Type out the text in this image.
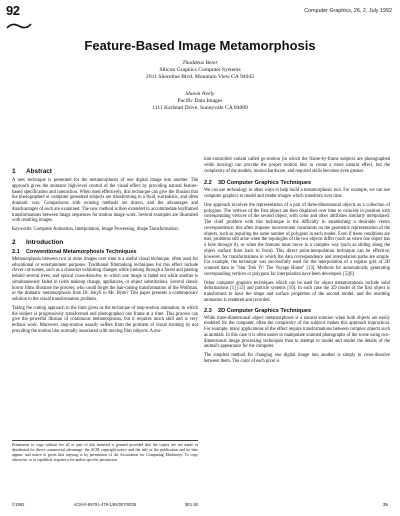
92	Computer Graphics, 26, 2, July 1992
Feature-Based Image Metamorphosis
Thaddeus Beier
Silicon Graphics Computer Systems
2011 Shoreline Blvd, Mountain View CA 94043
Shawn Neely
Pacific Data Images
1111 Karlstad Drive, Sunnyvale CA 94089
1 Abstract

A new technique is presented for the metamorphosis of one digital image into another. The approach gives the animator high-level control of the visual effect by providing natural feature-based specification and interaction. When used effectively, this technique can give the illusion that the photographed or computer generated subjects are transforming in a fluid, surrealistic, and often dramatic way. Comparisons with existing methods are drawn, and the advantages and disadvantages of each are examined. The new method is then extended to accommodate keyframed transformations between image sequences for motion image work. Several examples are illustrated with resulting images.

Keywords: Computer Animation, Interpolation, Image Processing, Shape Transformation.

2 Introduction
2.1 Conventional Metamorphosis Techniques

Metamorphosis between two or more images over time is a useful visual technique, often used for educational or entertainment purposes. Traditional filmmaking techniques for this effect include clever cut-scenes, such as a character exhibiting changes while running through a forest and passing behind several trees, and optical cross-dissolve, in which one image is faded out while another is simultaneously faded in (with makeup change, appliances, or object substitution). Several classic horror films illustrate the process; who could forget the hair-raising transformation of the Wolfman, or the dramatic metamorphosis from Dr. Jekyll to Mr. Hyde? This paper presents a contemporary solution to the visual transformation problem.

Taking the cutting approach to the limit gives us the technique of stop-motion animation, in which the subject is progressively transformed and photographed one frame at a time. This process can give the powerful illusion of continuous metamorphosis, but it requires much skill and is very tedious work. Moreover, stop-motion usually suffers from the problem of visual strobing by not providing the motion blur normally associated with moving film subjects. A mo-

tion-controlled variant called go-motion (in which the frame-by-frame subjects are photographed while moving) can provide the proper motion blur to create a more natural effect, but the complexity of the models, motion hardware, and required skills becomes even greater.

2.2 3D Computer Graphics Techniques

We can use technology in other ways to help build a metamorphosis tool. For example, we can use computer graphics to model and render images which transform over time.

One approach involves the representation of a pair of three-dimensional objects as a collection of polygons. The vertices of the first object are then displaced over time to coincide in position with corresponding vertices of the second object, with color and other attributes similarly interpolated. The chief problem with this technique is the difficulty in establishing a desirable vertex correspondence; this often imposes inconvenient constraints on the geometric representation of the objects, such as requiring the same number of polygons in each model. Even if these conditions are met, problems still arise when the topologies of the two objects differ (such as when one object has a hole through it), or when the features must move in a complex way (such as sliding along the object surface from back to front). This direct point-interpolation technique can be effective, however, for transformations in which the data correspondence and interpolation paths are simple. For example, the technique was successfully used for the interpolation of a regular grid of 3D scanned data in "Star Trek IV: The Voyage Home" [13]. Methods for automatically generating corresponding vertices or polygons for interpolation have been developed. [5][6]

Other computer graphics techniques which can be used for object metamorphosis include solid deformations [1] [12] and particle systems [10]. In each case the 3D model of the first object is transformed to have the shape and surface properties of the second model, and the resulting animation is rendered and recorded.

2.3 2D Computer Graphics Techniques

While three-dimensional object metamorphosis is a natural solution when both objects are easily modeled for the computer, often the complexity of the subjects makes this approach impractical. For example, many applications of the effect require transformations between complex objects such as animals. In this case it is often easier to manipulate scanned photographs of the scene using two-dimensional image processing techniques than to attempt to model and render the details of the animal's appearance for the computer.

The simplest method for changing one digital image into another is simply to cross-dissolve between them. The color of each pixel is

Permission to copy without fee all or part of this material is granted provided that the copies are not made or distributed for direct commercial advantage, the ACM copyright notice and the title of the publication and its date appear, and notice is given that copying is by permission of the Association for Computing Machinery. To copy otherwise, or to republish, requires a fee and/or specific permission.

©1992	ACM-0-89791-479-1/92/007/0035	$01.50	35
